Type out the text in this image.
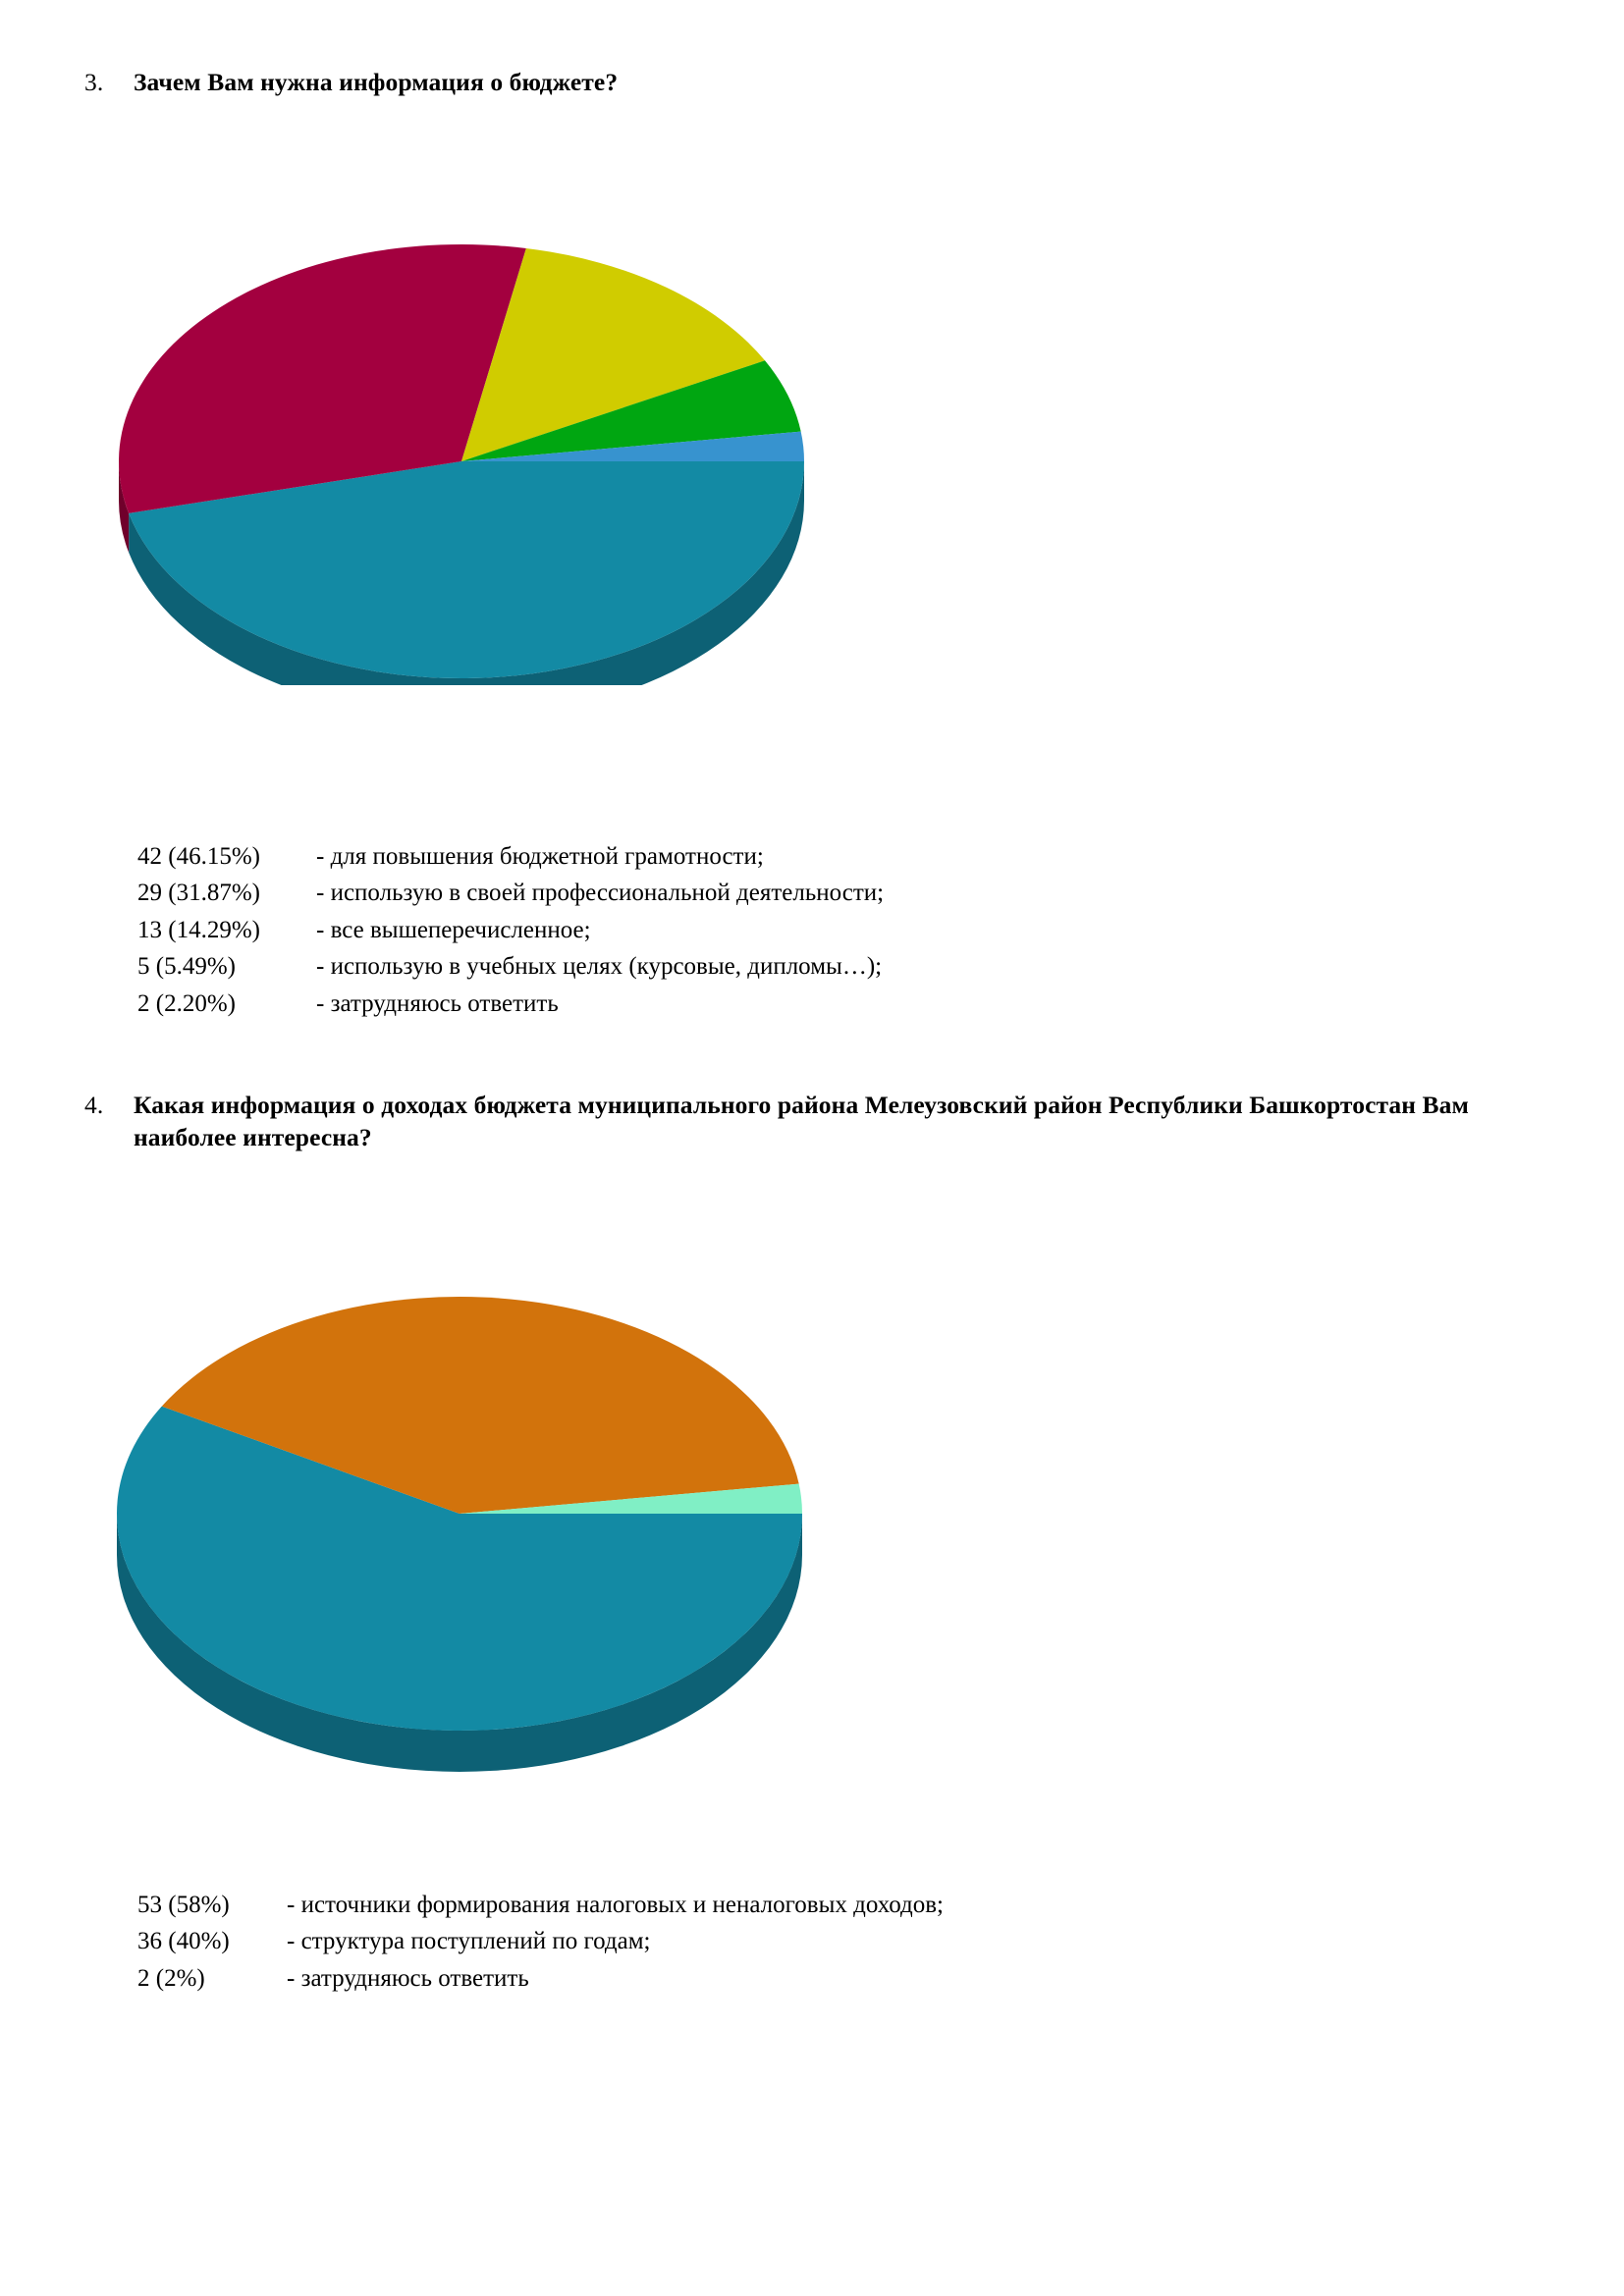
3.	Зачем Вам нужна информация о бюджете?
42 (46.15%)	- для повышения бюджетной грамотности;
29 (31.87%)	- использую в своей профессиональной деятельности;
13 (14.29%)	- все вышеперечисленное;
5 (5.49%)	- использую в учебных целях (курсовые, дипломы…);
2 (2.20%)	- затрудняюсь ответить
4.	Какая информация о доходах бюджета муниципального района Мелеузовский район Республики Башкортостан Вам наиболее интересна?
53 (58%)	- источники формирования налоговых и неналоговых доходов;
36 (40%)	- структура поступлений по годам;
2 (2%)	- затрудняюсь ответить
